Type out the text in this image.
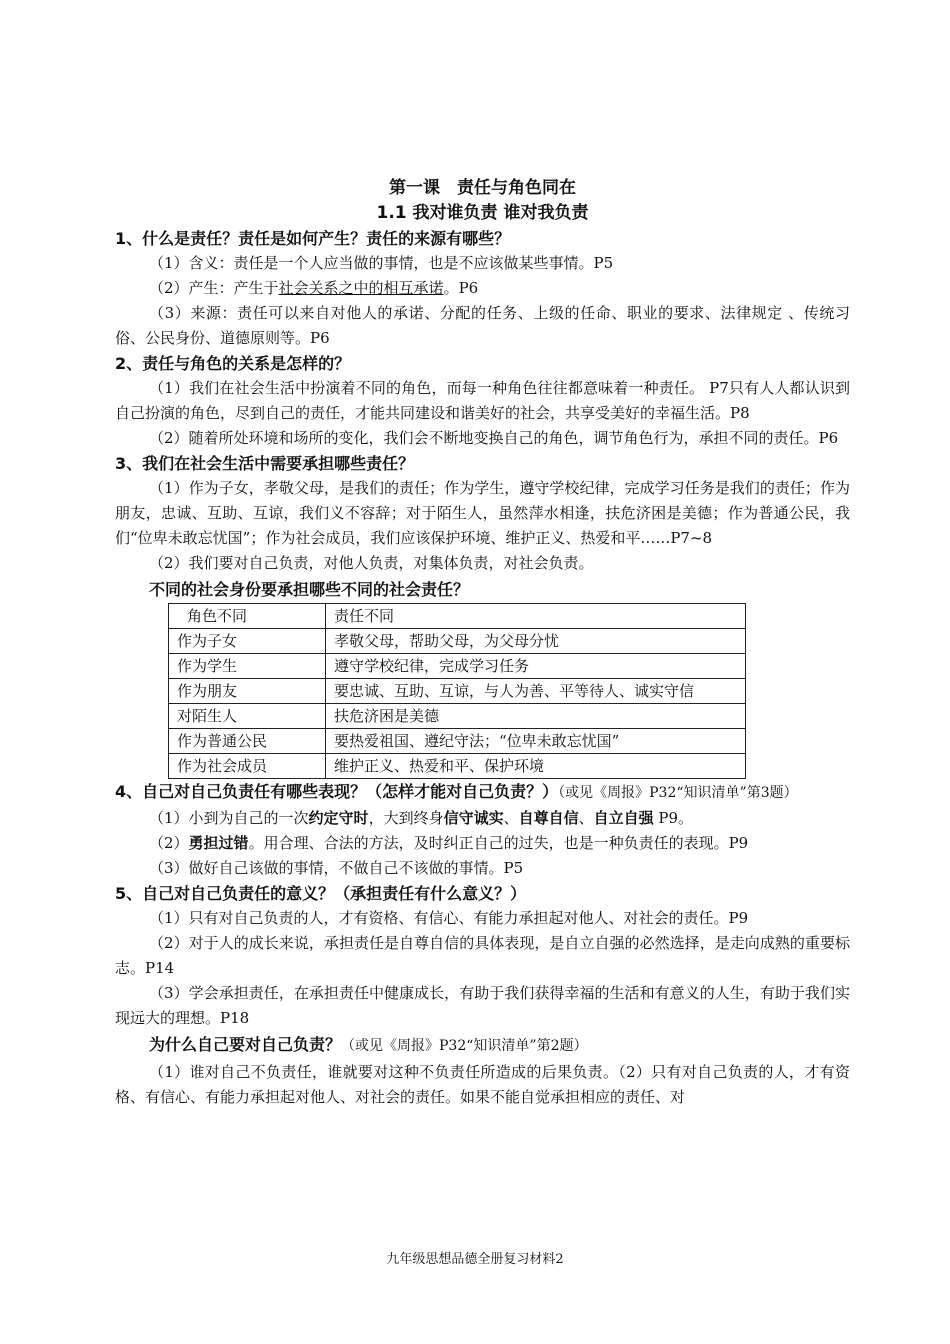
第一课　责任与角色同在
1.1 我对谁负责 谁对我负责
1、什么是责任？责任是如何产生？责任的来源有哪些？

（1）含义：责任是一个人应当做的事情，也是不应该做某些事情。P5

（2）产生：产生于社会关系之中的相互承诺。P6

（3）来源：责任可以来自对他人的承诺、分配的任务、上级的任命、职业的要求、法律规定 、传统习俗、公民身份、道德原则等。P6

2、责任与角色的关系是怎样的？

（1）我们在社会生活中扮演着不同的角色，而每一种角色往往都意味着一种责任。 P7只有人人都认识到自己扮演的角色，尽到自己的责任，才能共同建设和谐美好的社会，共享受美好的幸福生活。P8

（2）随着所处环境和场所的变化，我们会不断地变换自己的角色，调节角色行为，承担不同的责任。P6

3、我们在社会生活中需要承担哪些责任？

（1）作为子女，孝敬父母，是我们的责任；作为学生，遵守学校纪律，完成学习任务是我们的责任；作为朋友，忠诚、互助、互谅，我们义不容辞；对于陌生人，虽然萍水相逢，扶危济困是美德；作为普通公民，我们“位卑未敢忘忧国”；作为社会成员，我们应该保护环境、维护正义、热爱和平……P7~8

（2）我们要对自己负责，对他人负责，对集体负责，对社会负责。

不同的社会身份要承担哪些不同的社会责任？
角色不同	责任不同
作为子女	孝敬父母，帮助父母，为父母分忧
作为学生	遵守学校纪律，完成学习任务
作为朋友	要忠诚、互助、互谅，与人为善、平等待人、诚实守信
对陌生人	扶危济困是美德
作为普通公民	要热爱祖国、遵纪守法；“位卑未敢忘忧国”
作为社会成员	维护正义、热爱和平、保护环境
4、自己对自己负责任有哪些表现？（怎样才能对自己负责？）（或见《周报》P32“知识清单”第3题）

（1）小到为自己的一次约定守时，大到终身信守诚实、自尊自信、自立自强 P9。

（2）勇担过错。用合理、合法的方法，及时纠正自己的过失，也是一种负责任的表现。P9

（3）做好自己该做的事情，不做自己不该做的事情。P5

5、自己对自己负责任的意义？（承担责任有什么意义？）

（1）只有对自己负责的人，才有资格、有信心、有能力承担起对他人、对社会的责任。P9

（2）对于人的成长来说，承担责任是自尊自信的具体表现，是自立自强的必然选择，是走向成熟的重要标志。P14

（3）学会承担责任，在承担责任中健康成长，有助于我们获得幸福的生活和有意义的人生，有助于我们实现远大的理想。P18

为什么自己要对自己负责？（或见《周报》P32“知识清单”第2题）

（1）谁对自己不负责任，谁就要对这种不负责任所造成的后果负责。（2）只有对自己负责的人，才有资格、有信心、有能力承担起对他人、对社会的责任。如果不能自觉承担相应的责任、对

九年级思想品德全册复习材料2
